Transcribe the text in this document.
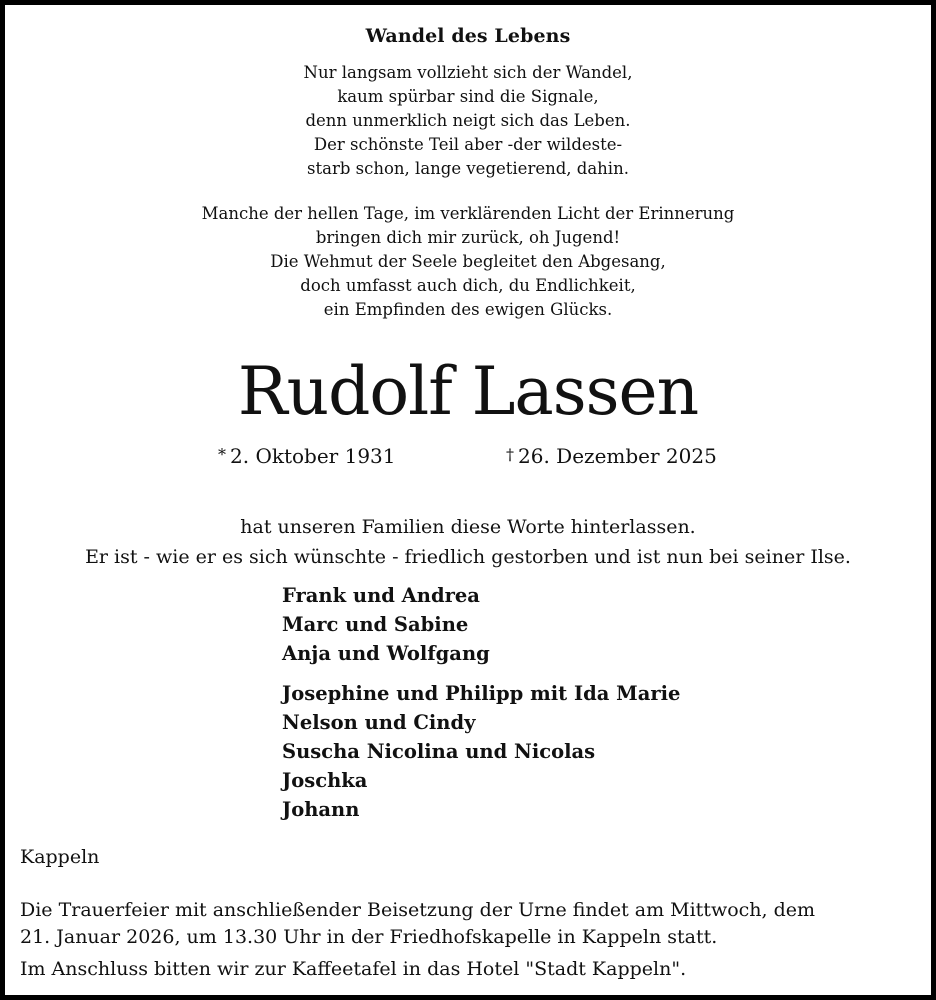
Wandel des Lebens
Nur langsam vollzieht sich der Wandel,
kaum spürbar sind die Signale,
denn unmerklich neigt sich das Leben.
Der schönste Teil aber -der wildeste-
starb schon, lange vegetierend, dahin.
Manche der hellen Tage, im verklärenden Licht der Erinnerung
bringen dich mir zurück, oh Jugend!
Die Wehmut der Seele begleitet den Abgesang,
doch umfasst auch dich, du Endlichkeit,
ein Empfinden des ewigen Glücks.
Rudolf Lassen
* 2. Oktober 1931	† 26. Dezember 2025
hat unseren Familien diese Worte hinterlassen.
Er ist - wie er es sich wünschte - friedlich gestorben und ist nun bei seiner Ilse.
Frank und Andrea
Marc und Sabine
Anja und Wolfgang
Josephine und Philipp mit Ida Marie
Nelson und Cindy
Suscha Nicolina und Nicolas
Joschka
Johann
Kappeln
Die Trauerfeier mit anschließender Beisetzung der Urne findet am Mittwoch, dem
21. Januar 2026, um 13.30 Uhr in der Friedhofskapelle in Kappeln statt.
Im Anschluss bitten wir zur Kaffeetafel in das Hotel "Stadt Kappeln".
